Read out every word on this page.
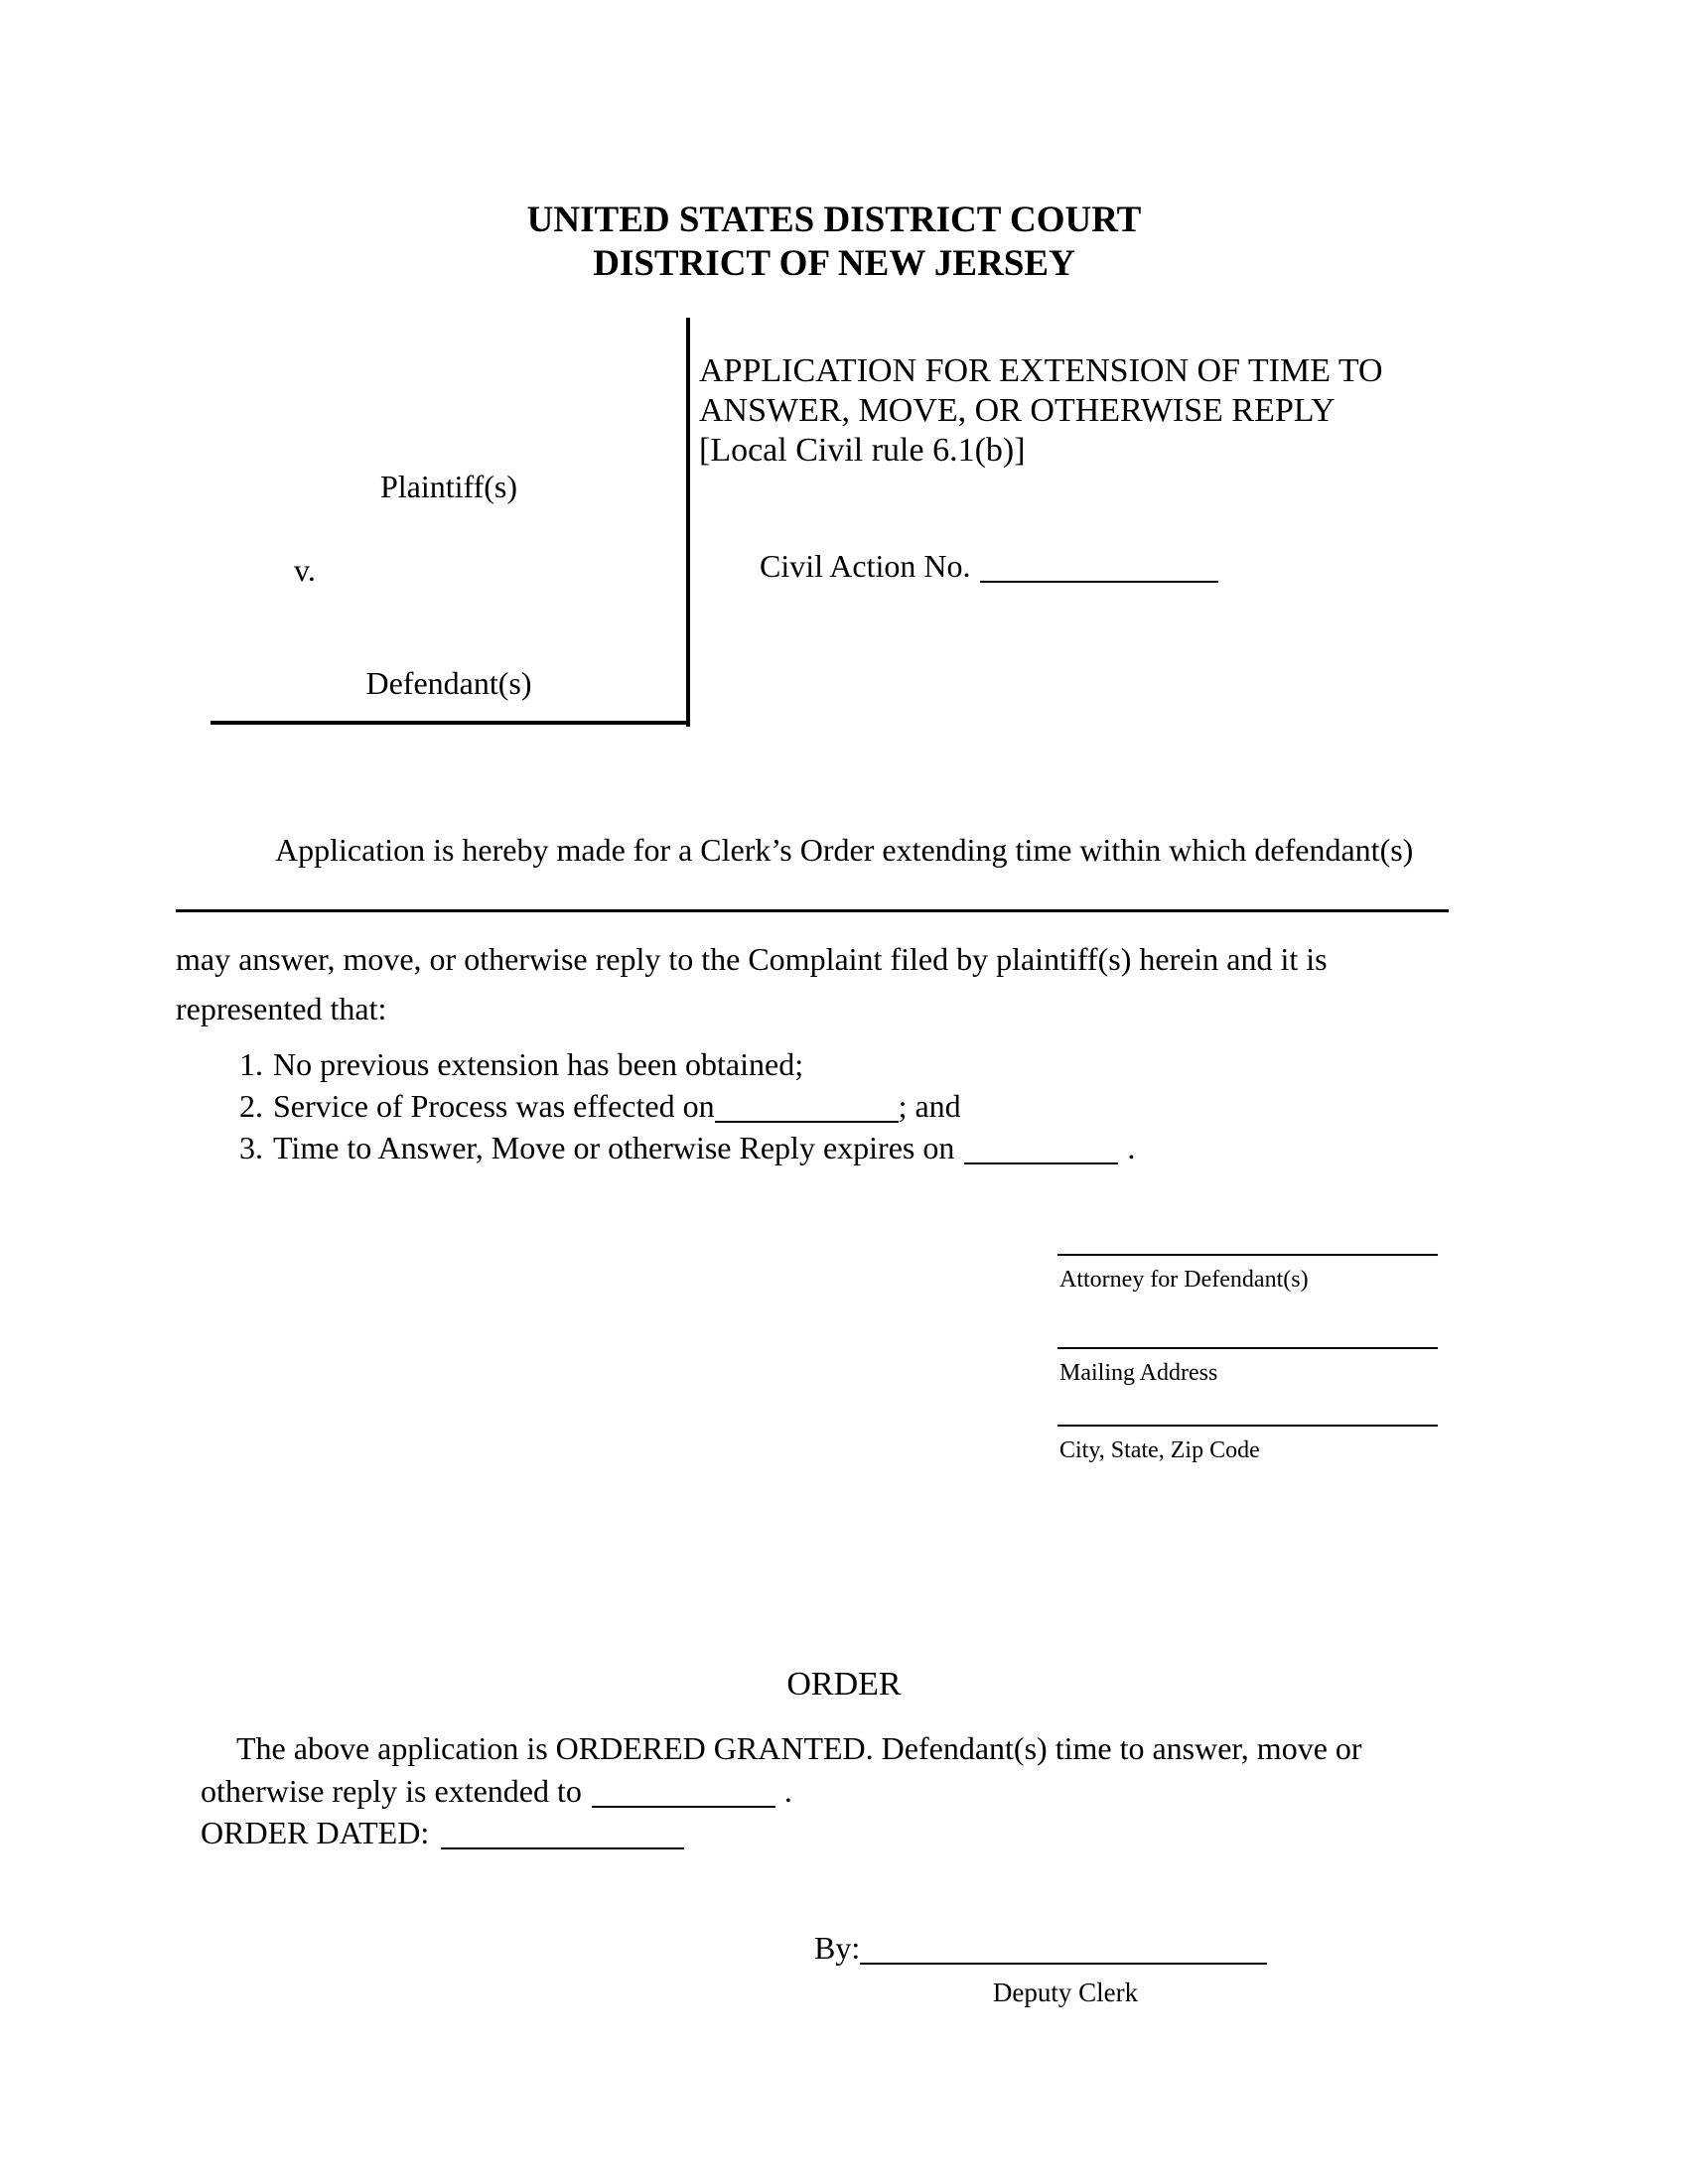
UNITED STATES DISTRICT COURT
DISTRICT OF NEW JERSEY
Plaintiff(s)
v.
Defendant(s)
APPLICATION FOR EXTENSION OF TIME TO
ANSWER, MOVE, OR OTHERWISE REPLY
[Local Civil rule 6.1(b)]
Civil Action No.
Application is hereby made for a Clerk’s Order extending time within which defendant(s)
may answer, move, or otherwise reply to the Complaint filed by plaintiff(s) herein and it is
represented that:
1. No previous extension has been obtained;
2. Service of Process was effected on	; and
3. Time to Answer, Move or otherwise Reply expires on	.
Attorney for Defendant(s)
Mailing Address
City, State, Zip Code
ORDER
The above application is ORDERED GRANTED. Defendant(s) time to answer, move or
otherwise reply is extended to	.
ORDER DATED:
By:
Deputy Clerk
